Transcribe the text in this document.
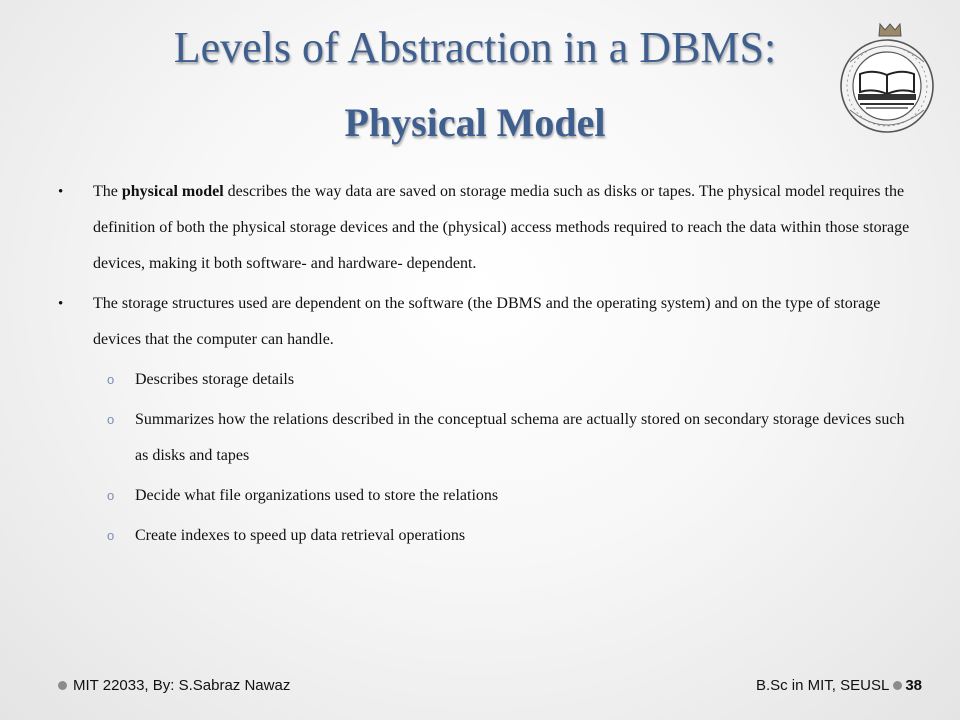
Levels of Abstraction in a DBMS:
Physical Model
• The physical model describes the way data are saved on storage media such as disks or tapes. The physical model requires the definition of both the physical storage devices and the (physical) access methods required to reach the data within those storage devices, making it both software- and hardware- dependent.
• The storage structures used are dependent on the software (the DBMS and the operating system) and on the type of storage devices that the computer can handle.
o Describes storage details
o Summarizes how the relations described in the conceptual schema are actually stored on secondary storage devices such as disks and tapes
o Decide what file organizations used to store the relations
o Create indexes to speed up data retrieval operations
MIT 22033, By: S.Sabraz Nawaz	B.Sc in MIT, SEUSL 38
